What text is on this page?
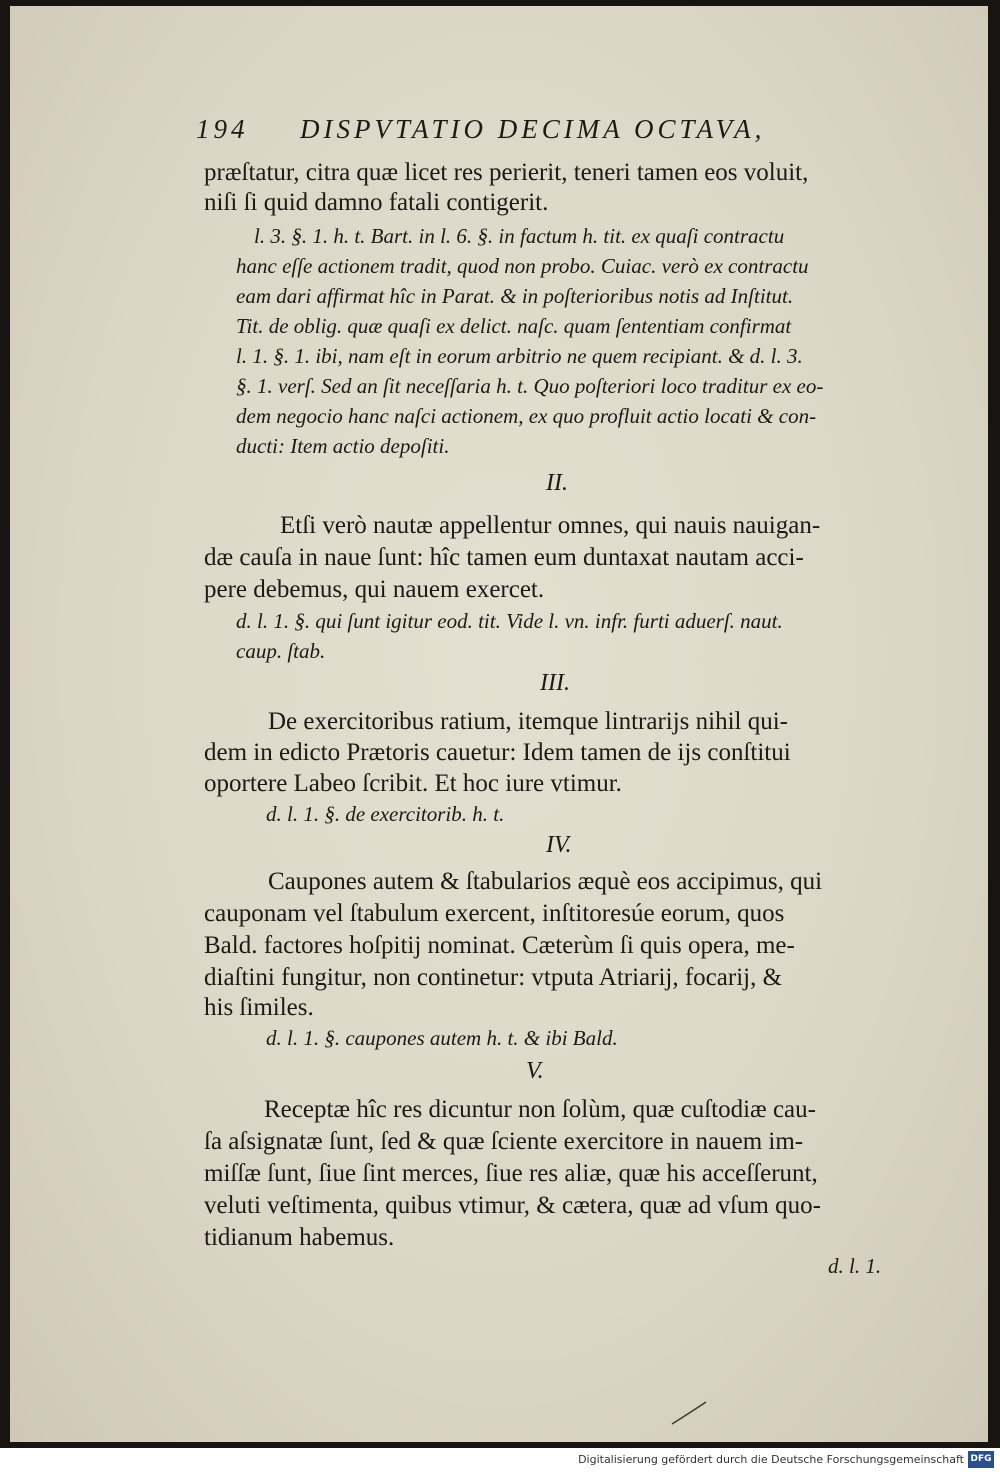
194 DISPVTATIO DECIMA OCTAVA,
præſtatur, citra quæ licet res perierit, teneri tamen eos voluit,
niſi ſi quid damno fatali contigerit.
l. 3. §. 1. h. t. Bart. in l. 6. §. in factum h. tit. ex quaſi contractu
hanc eſſe actionem tradit, quod non probo. Cuiac. verò ex contractu
eam dari affirmat hîc in Parat. & in poſterioribus notis ad Inſtitut.
Tit. de oblig. quæ quaſi ex delict. naſc. quam ſententiam confirmat
l. 1. §. 1. ibi, nam eſt in eorum arbitrio ne quem recipiant. & d. l. 3.
§. 1. verſ. Sed an ſit neceſſaria h. t. Quo poſteriori loco traditur ex eo-
dem negocio hanc naſci actionem, ex quo profluit actio locati & con-
ducti: Item actio depoſiti.
II.
Etſi verò nautæ appellentur omnes, qui nauis nauigan-
dæ cauſa in naue ſunt: hîc tamen eum duntaxat nautam acci-
pere debemus, qui nauem exercet.
d. l. 1. §. qui ſunt igitur eod. tit. Vide l. vn. infr. furti aduerſ. naut.
caup. ſtab.
III.
De exercitoribus ratium, itemque lintrarijs nihil qui-
dem in edicto Prætoris cauetur: Idem tamen de ijs conſtitui
oportere Labeo ſcribit. Et hoc iure vtimur.
d. l. 1. §. de exercitorib. h. t.
IV.
Caupones autem & ſtabularios æquè eos accipimus, qui
cauponam vel ſtabulum exercent, inſtitoresúe eorum, quos
Bald. factores hoſpitij nominat. Cæterùm ſi quis opera, me-
diaſtini fungitur, non continetur: vtputa Atriarij, focarij, &
his ſimiles.
d. l. 1. §. caupones autem h. t. & ibi Bald.
V.
Receptæ hîc res dicuntur non ſolùm, quæ cuſtodiæ cau-
ſa aſsignatæ ſunt, ſed & quæ ſciente exercitore in nauem im-
miſſæ ſunt, ſiue ſint merces, ſiue res aliæ, quæ his acceſſerunt,
veluti veſtimenta, quibus vtimur, & cætera, quæ ad vſum quo-
tidianum habemus.
d. l. 1.
Digitalisierung gefördert durch die Deutsche Forschungsgemeinschaft DFG
